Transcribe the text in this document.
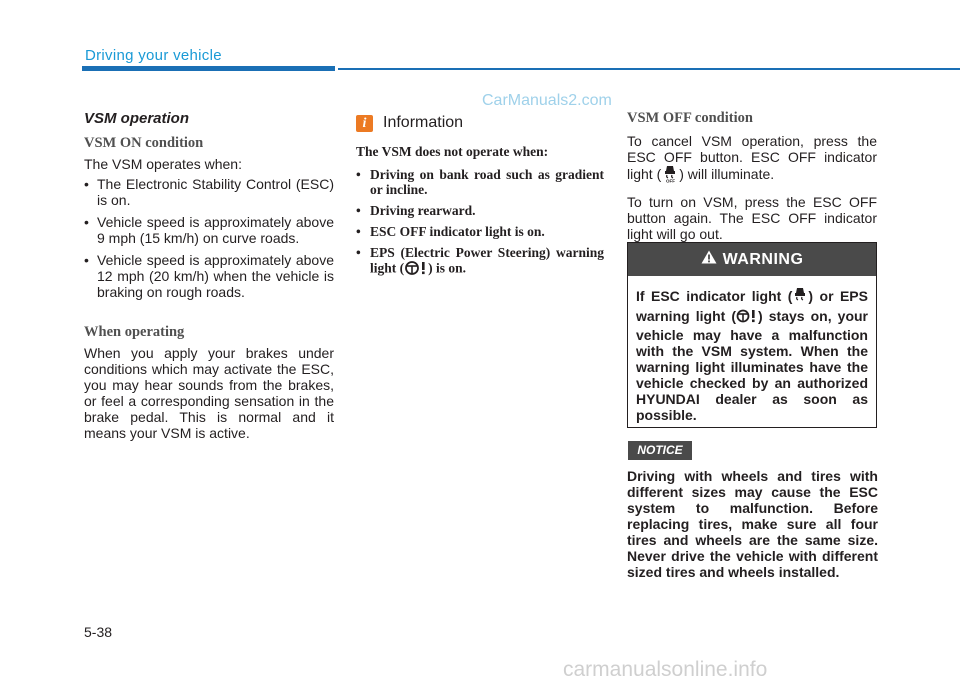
Driving your vehicle
CarManuals2.com
VSM operation
VSM ON condition

The VSM operates when:

• The Electronic Stability Control (ESC) is on.
• Vehicle speed is approximately above 9 mph (15 km/h) on curve roads.
• Vehicle speed is approximately above 12 mph (20 km/h) when the vehicle is braking on rough roads.
When operating

When you apply your brakes under conditions which may activate the ESC, you may hear sounds from the brakes, or feel a corresponding sensation in the brake pedal. This is normal and it means your VSM is active.

i	Information

The VSM does not operate when:

• Driving on bank road such as gradient or incline.
• Driving rearward.
• ESC OFF indicator light is on.
• EPS (Electric Power Steering) warning light ( ) is on.
VSM OFF condition

To cancel VSM operation, press the ESC OFF button. ESC OFF indicator light ( OFF ) will illuminate.

To turn on VSM, press the ESC OFF button again. The ESC OFF indicator light will go out.

WARNING
If ESC indicator light ( ) or EPS warning light ( ) stays on, your vehicle may have a malfunction with the VSM system. When the warning light illuminates have the vehicle checked by an authorized HYUNDAI dealer as soon as possible.
NOTICE
Driving with wheels and tires with different sizes may cause the ESC system to malfunction. Before replacing tires, make sure all four tires and wheels are the same size. Never drive the vehicle with different sized tires and wheels installed.
5-38
carmanualsonline.info
